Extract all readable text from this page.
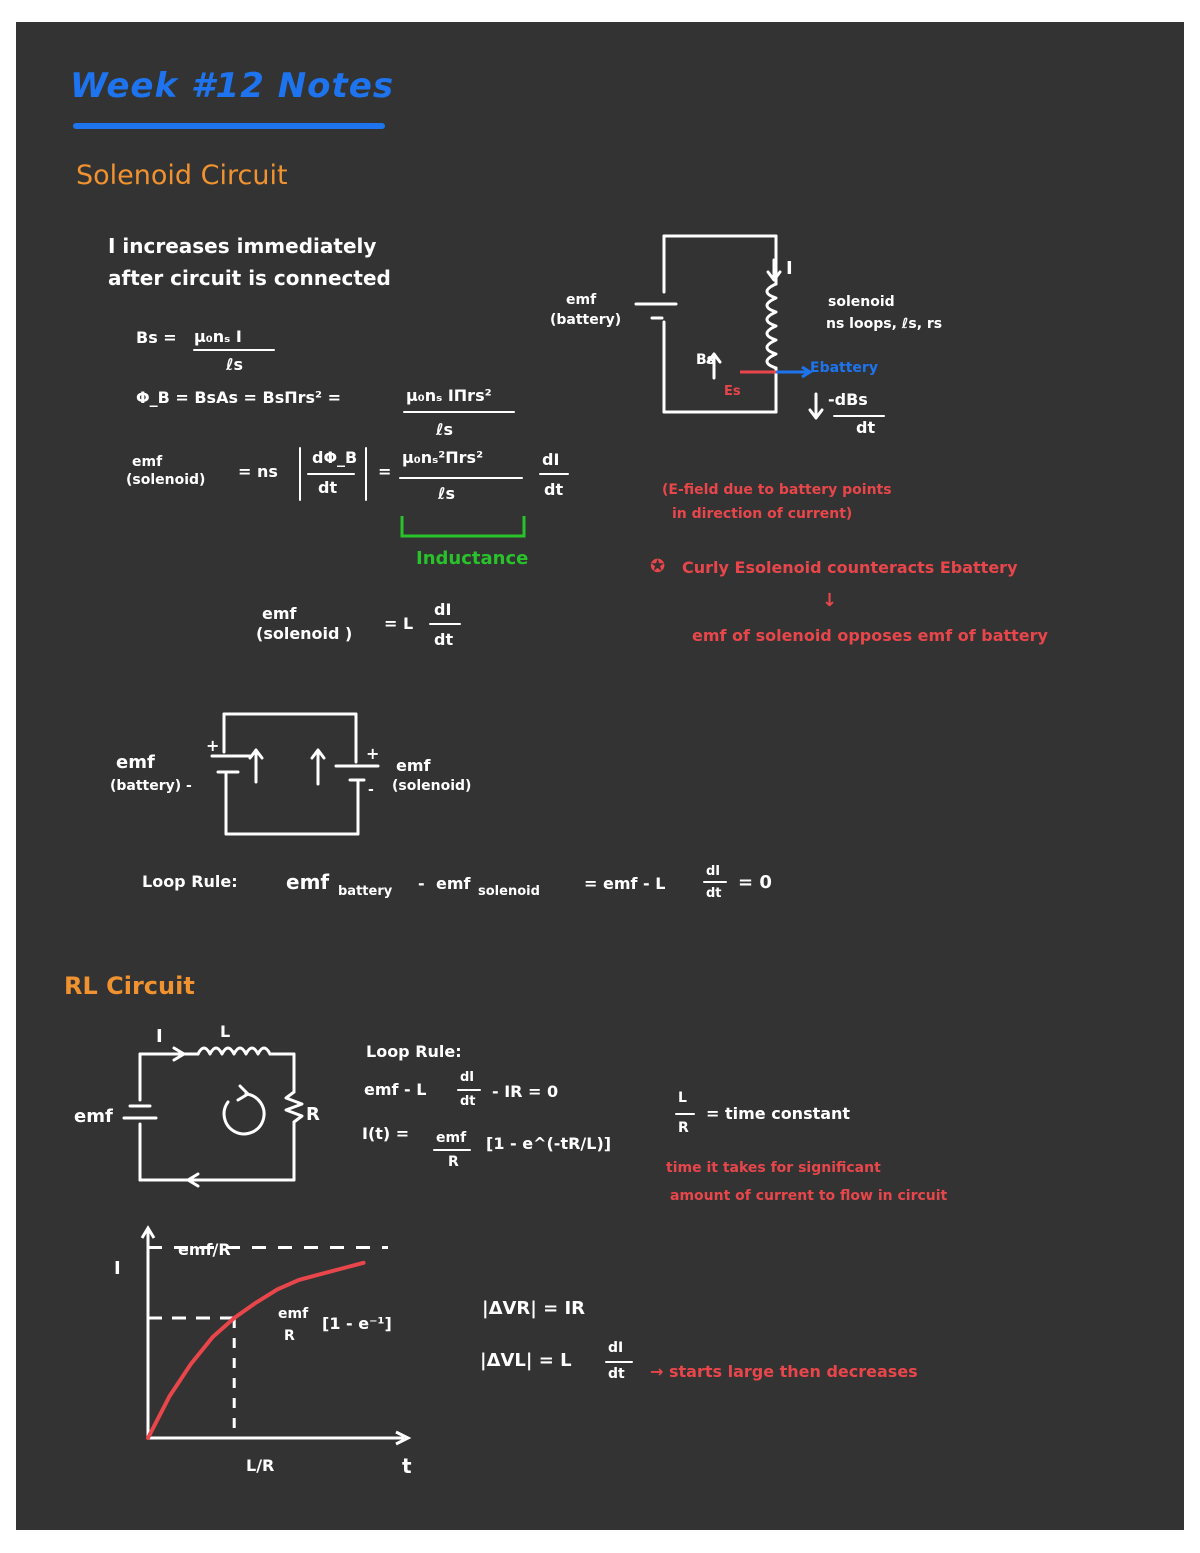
Week #12 Notes
Solenoid Circuit
I increases immediately
after circuit is connected
Bs = μ₀nₛ I
ℓs
Φ_B = BsAs = BsΠrs² =	μ₀nₛ IΠrs²
ℓs
emf
(solenoid) = ns
dΦ_B
dt
=
μ₀nₛ²Πrs²
ℓs
dI
dt
Inductance
emf
(solenoid )
= L
dI
dt
I
emf
(battery)
solenoid
ns loops, ℓs, rs
Bs
Es
Ebattery
-dBs
dt
(E-field due to battery points
in direction of current)
✪ Curly Esolenoid counteracts Ebattery
↓
emf of solenoid opposes emf of battery
emf
(battery) -
+	+
-
emf
(solenoid)
Loop Rule: emf battery - emf solenoid	= emf - L
dI
dt
= 0
RL Circuit
I	L
emf	R
Loop Rule:
emf - L
dI
dt
- IR = 0
I(t) = emf
R
[1 - e^(-tR/L)]
L
R
= time constant
time it takes for significant
amount of current to flow in circuit
|ΔVR| = IR
|ΔVL| = L
dI
dt → starts large then decreases
I
emf/R
emf
R
[1 - e⁻¹]
L/R	t
